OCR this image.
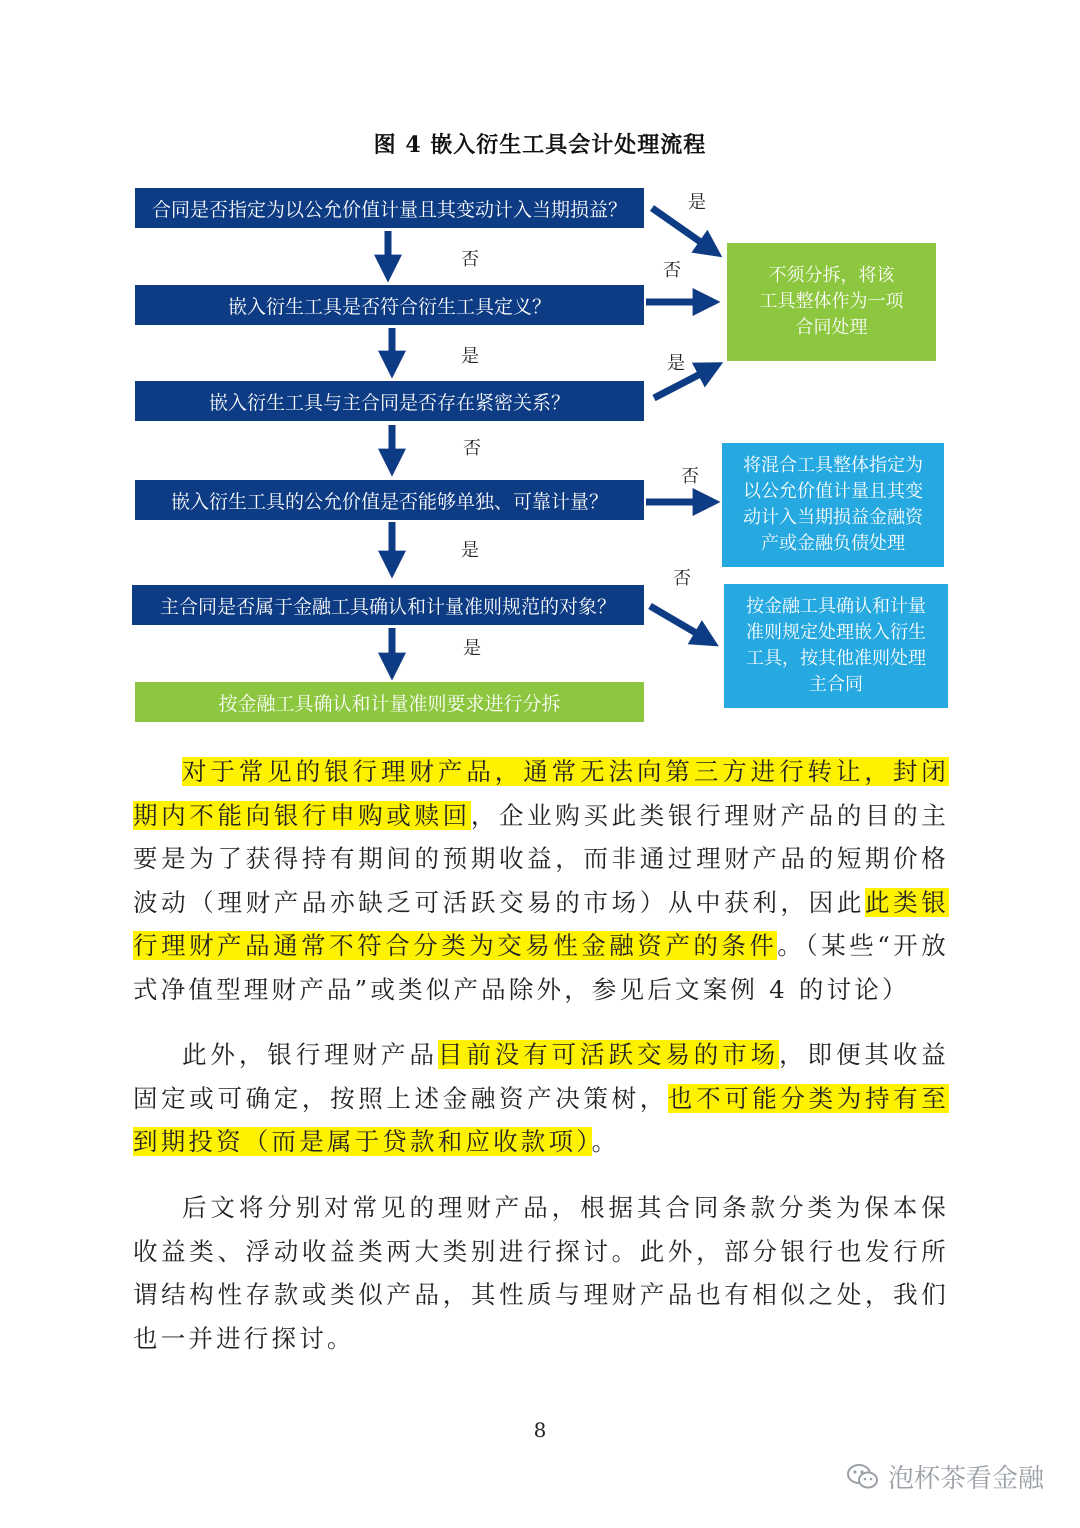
图 4 嵌入衍生工具会计处理流程
合同是否指定为以公允价值计量且其变动计入当期损益？
嵌入衍生工具是否符合衍生工具定义？
嵌入衍生工具与主合同是否存在紧密关系？
嵌入衍生工具的公允价值是否能够单独、可靠计量？
主合同是否属于金融工具确认和计量准则规范的对象？
按金融工具确认和计量准则要求进行分拆
不须分拆，将该
工具整体作为一项
合同处理
将混合工具整体指定为
以公允价值计量且其变
动计入当期损益金融资
产或金融负债处理
按金融工具确认和计量
准则规定处理嵌入衍生
工具，按其他准则处理
主合同
否
是
否
是
是
是
否
是
否
否

对于常见的银行理财产品，通常无法向第三方进行转让，封闭期内不能向银行申购或赎回，企业购买此类银行理财产品的目的主要是为了获得持有期间的预期收益，而非通过理财产品的短期价格波动（理财产品亦缺乏可活跃交易的市场）从中获利，因此此类银行理财产品通常不符合分类为交易性金融资产的条件。（某些“开放式净值型理财产品”或类似产品除外，参见后文案例 4 的讨论）

此外，银行理财产品目前没有可活跃交易的市场，即便其收益固定或可确定，按照上述金融资产决策树，也不可能分类为持有至到期投资（而是属于贷款和应收款项）。

后文将分别对常见的理财产品，根据其合同条款分类为保本保收益类、浮动收益类两大类别进行探讨。此外，部分银行也发行所谓结构性存款或类似产品，其性质与理财产品也有相似之处，我们也一并进行探讨。

8
泡杯茶看金融
